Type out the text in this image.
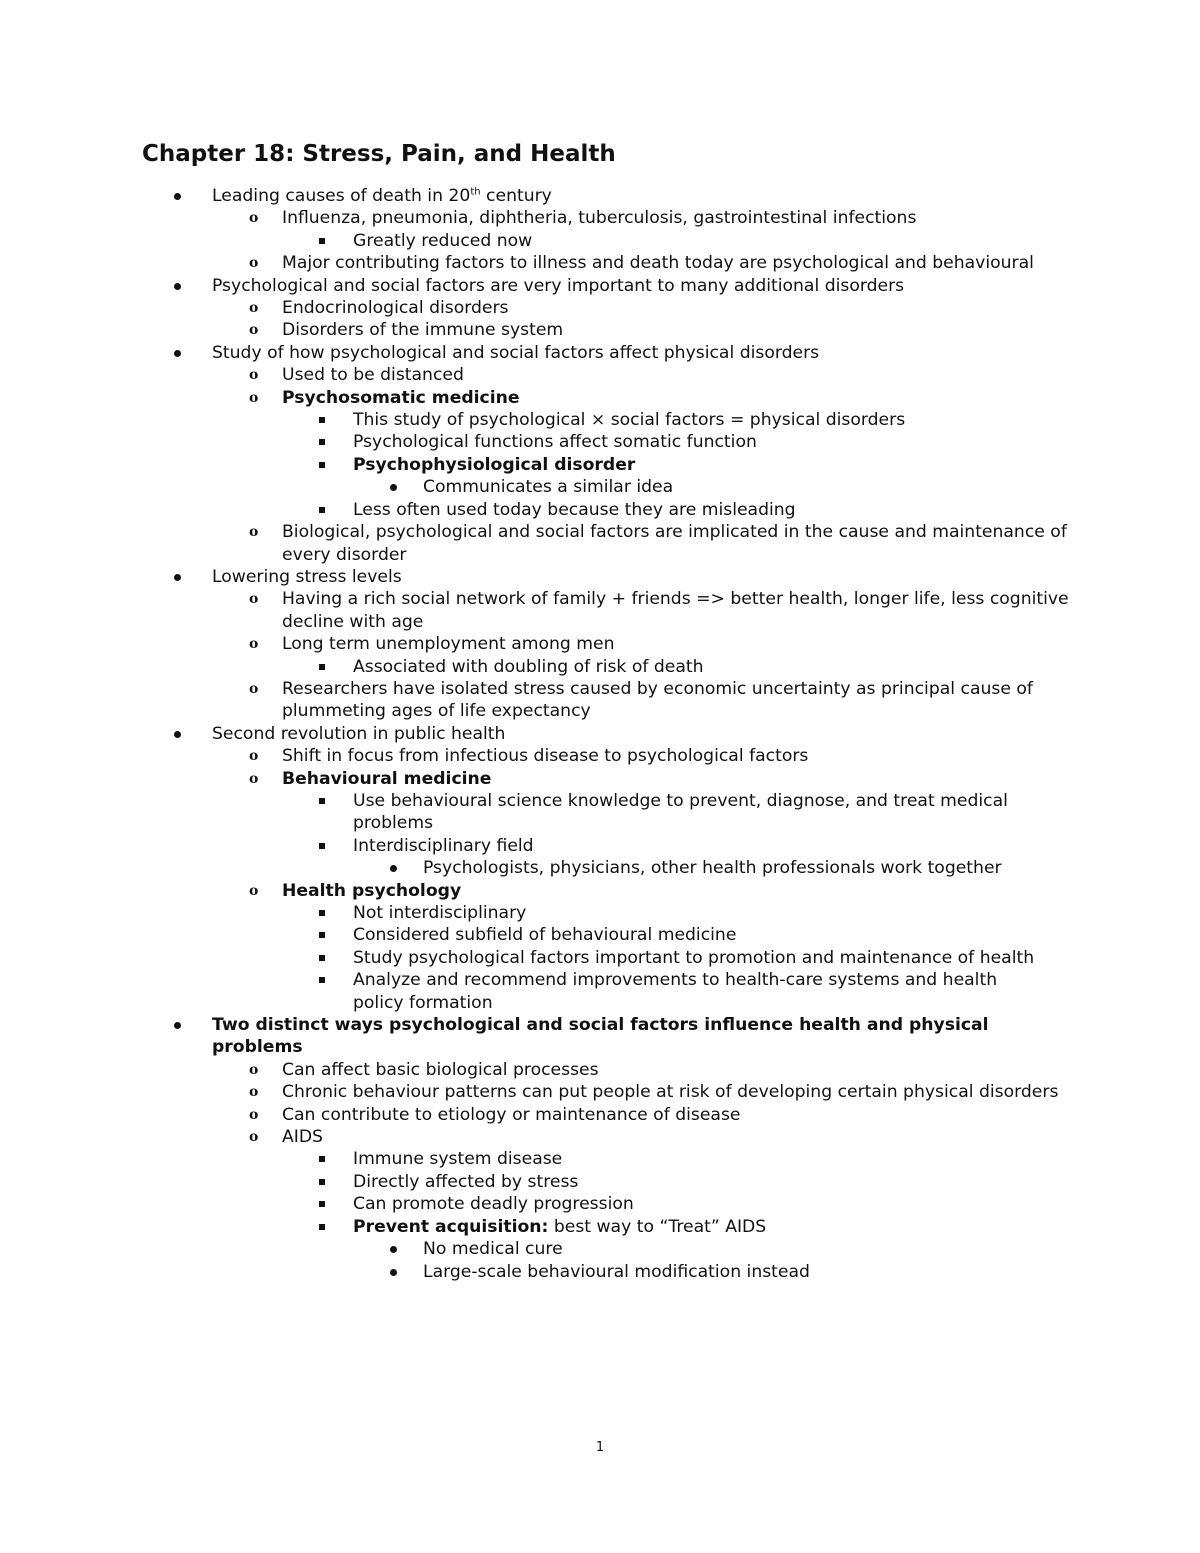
Chapter 18: Stress, Pain, and Health
Leading causes of death in 20th century
o Influenza, pneumonia, diphtheria, tuberculosis, gastrointestinal infections
Greatly reduced now
o Major contributing factors to illness and death today are psychological and behavioural
Psychological and social factors are very important to many additional disorders
o Endocrinological disorders
o Disorders of the immune system
Study of how psychological and social factors affect physical disorders
o Used to be distanced
o Psychosomatic medicine
This study of psychological × social factors = physical disorders
Psychological functions affect somatic function
Psychophysiological disorder
Communicates a similar idea
Less often used today because they are misleading
o Biological, psychological and social factors are implicated in the cause and maintenance of every disorder
Lowering stress levels
o Having a rich social network of family + friends => better health, longer life, less cognitive decline with age
o Long term unemployment among men
Associated with doubling of risk of death
o Researchers have isolated stress caused by economic uncertainty as principal cause of plummeting ages of life expectancy
Second revolution in public health
o Shift in focus from infectious disease to psychological factors
o Behavioural medicine
Use behavioural science knowledge to prevent, diagnose, and treat medical problems
Interdisciplinary field
Psychologists, physicians, other health professionals work together
o Health psychology
Not interdisciplinary
Considered subfield of behavioural medicine
Study psychological factors important to promotion and maintenance of health
Analyze and recommend improvements to health-care systems and health policy formation
Two distinct ways psychological and social factors influence health and physical problems
o Can affect basic biological processes
o Chronic behaviour patterns can put people at risk of developing certain physical disorders
o Can contribute to etiology or maintenance of disease
o AIDS
Immune system disease
Directly affected by stress
Can promote deadly progression
Prevent acquisition: best way to “Treat” AIDS
No medical cure
Large-scale behavioural modification instead
1
